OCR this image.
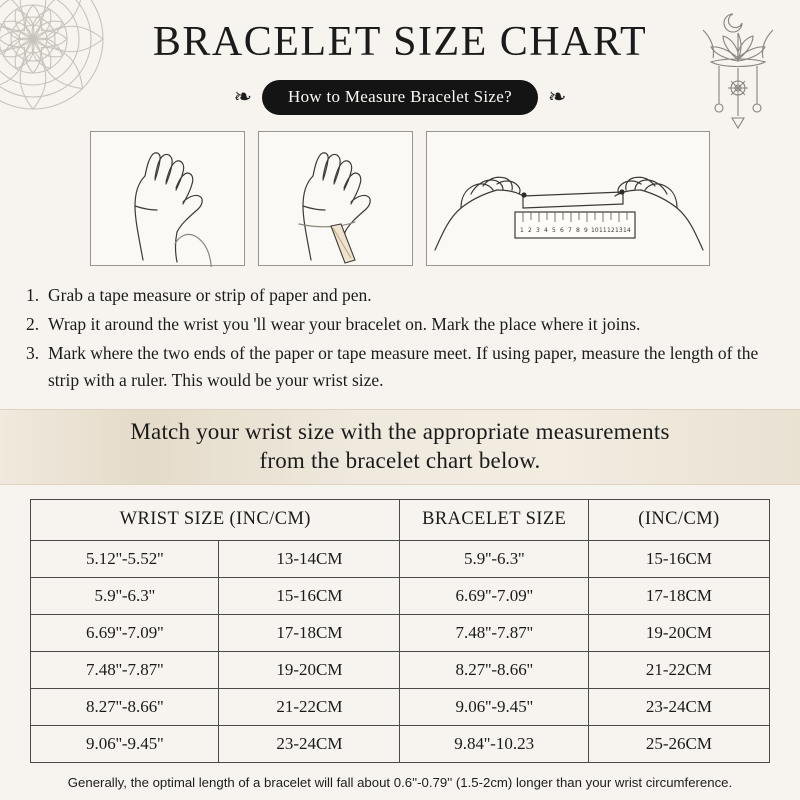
BRACELET SIZE CHART
❧	How to Measure Bracelet Size?	❧
1 2 3 4 5 6 7 8 9 10 11 12 13 14
1. Grab a tape measure or strip of paper and pen.
2. Wrap it around the wrist you 'll wear your bracelet on. Mark the place where it joins.
3. Mark where the two ends of the paper or tape measure meet. If using paper, measure the length of the strip with a ruler. This would be your wrist size.
Match your wrist size with the appropriate measurements
from the bracelet chart below.
WRIST SIZE (INC/CM)		BRACELET SIZE	(INC/CM)
5.12''-5.52''	13-14CM	5.9''-6.3''	15-16CM
5.9''-6.3''	15-16CM	6.69''-7.09''	17-18CM
6.69''-7.09''	17-18CM	7.48''-7.87''	19-20CM
7.48''-7.87''	19-20CM	8.27''-8.66''	21-22CM
8.27''-8.66''	21-22CM	9.06''-9.45''	23-24CM
9.06''-9.45''	23-24CM	9.84''-10.23	25-26CM
Generally, the optimal length of a bracelet will fall about 0.6''-0.79'' (1.5-2cm) longer than your wrist circumference.
